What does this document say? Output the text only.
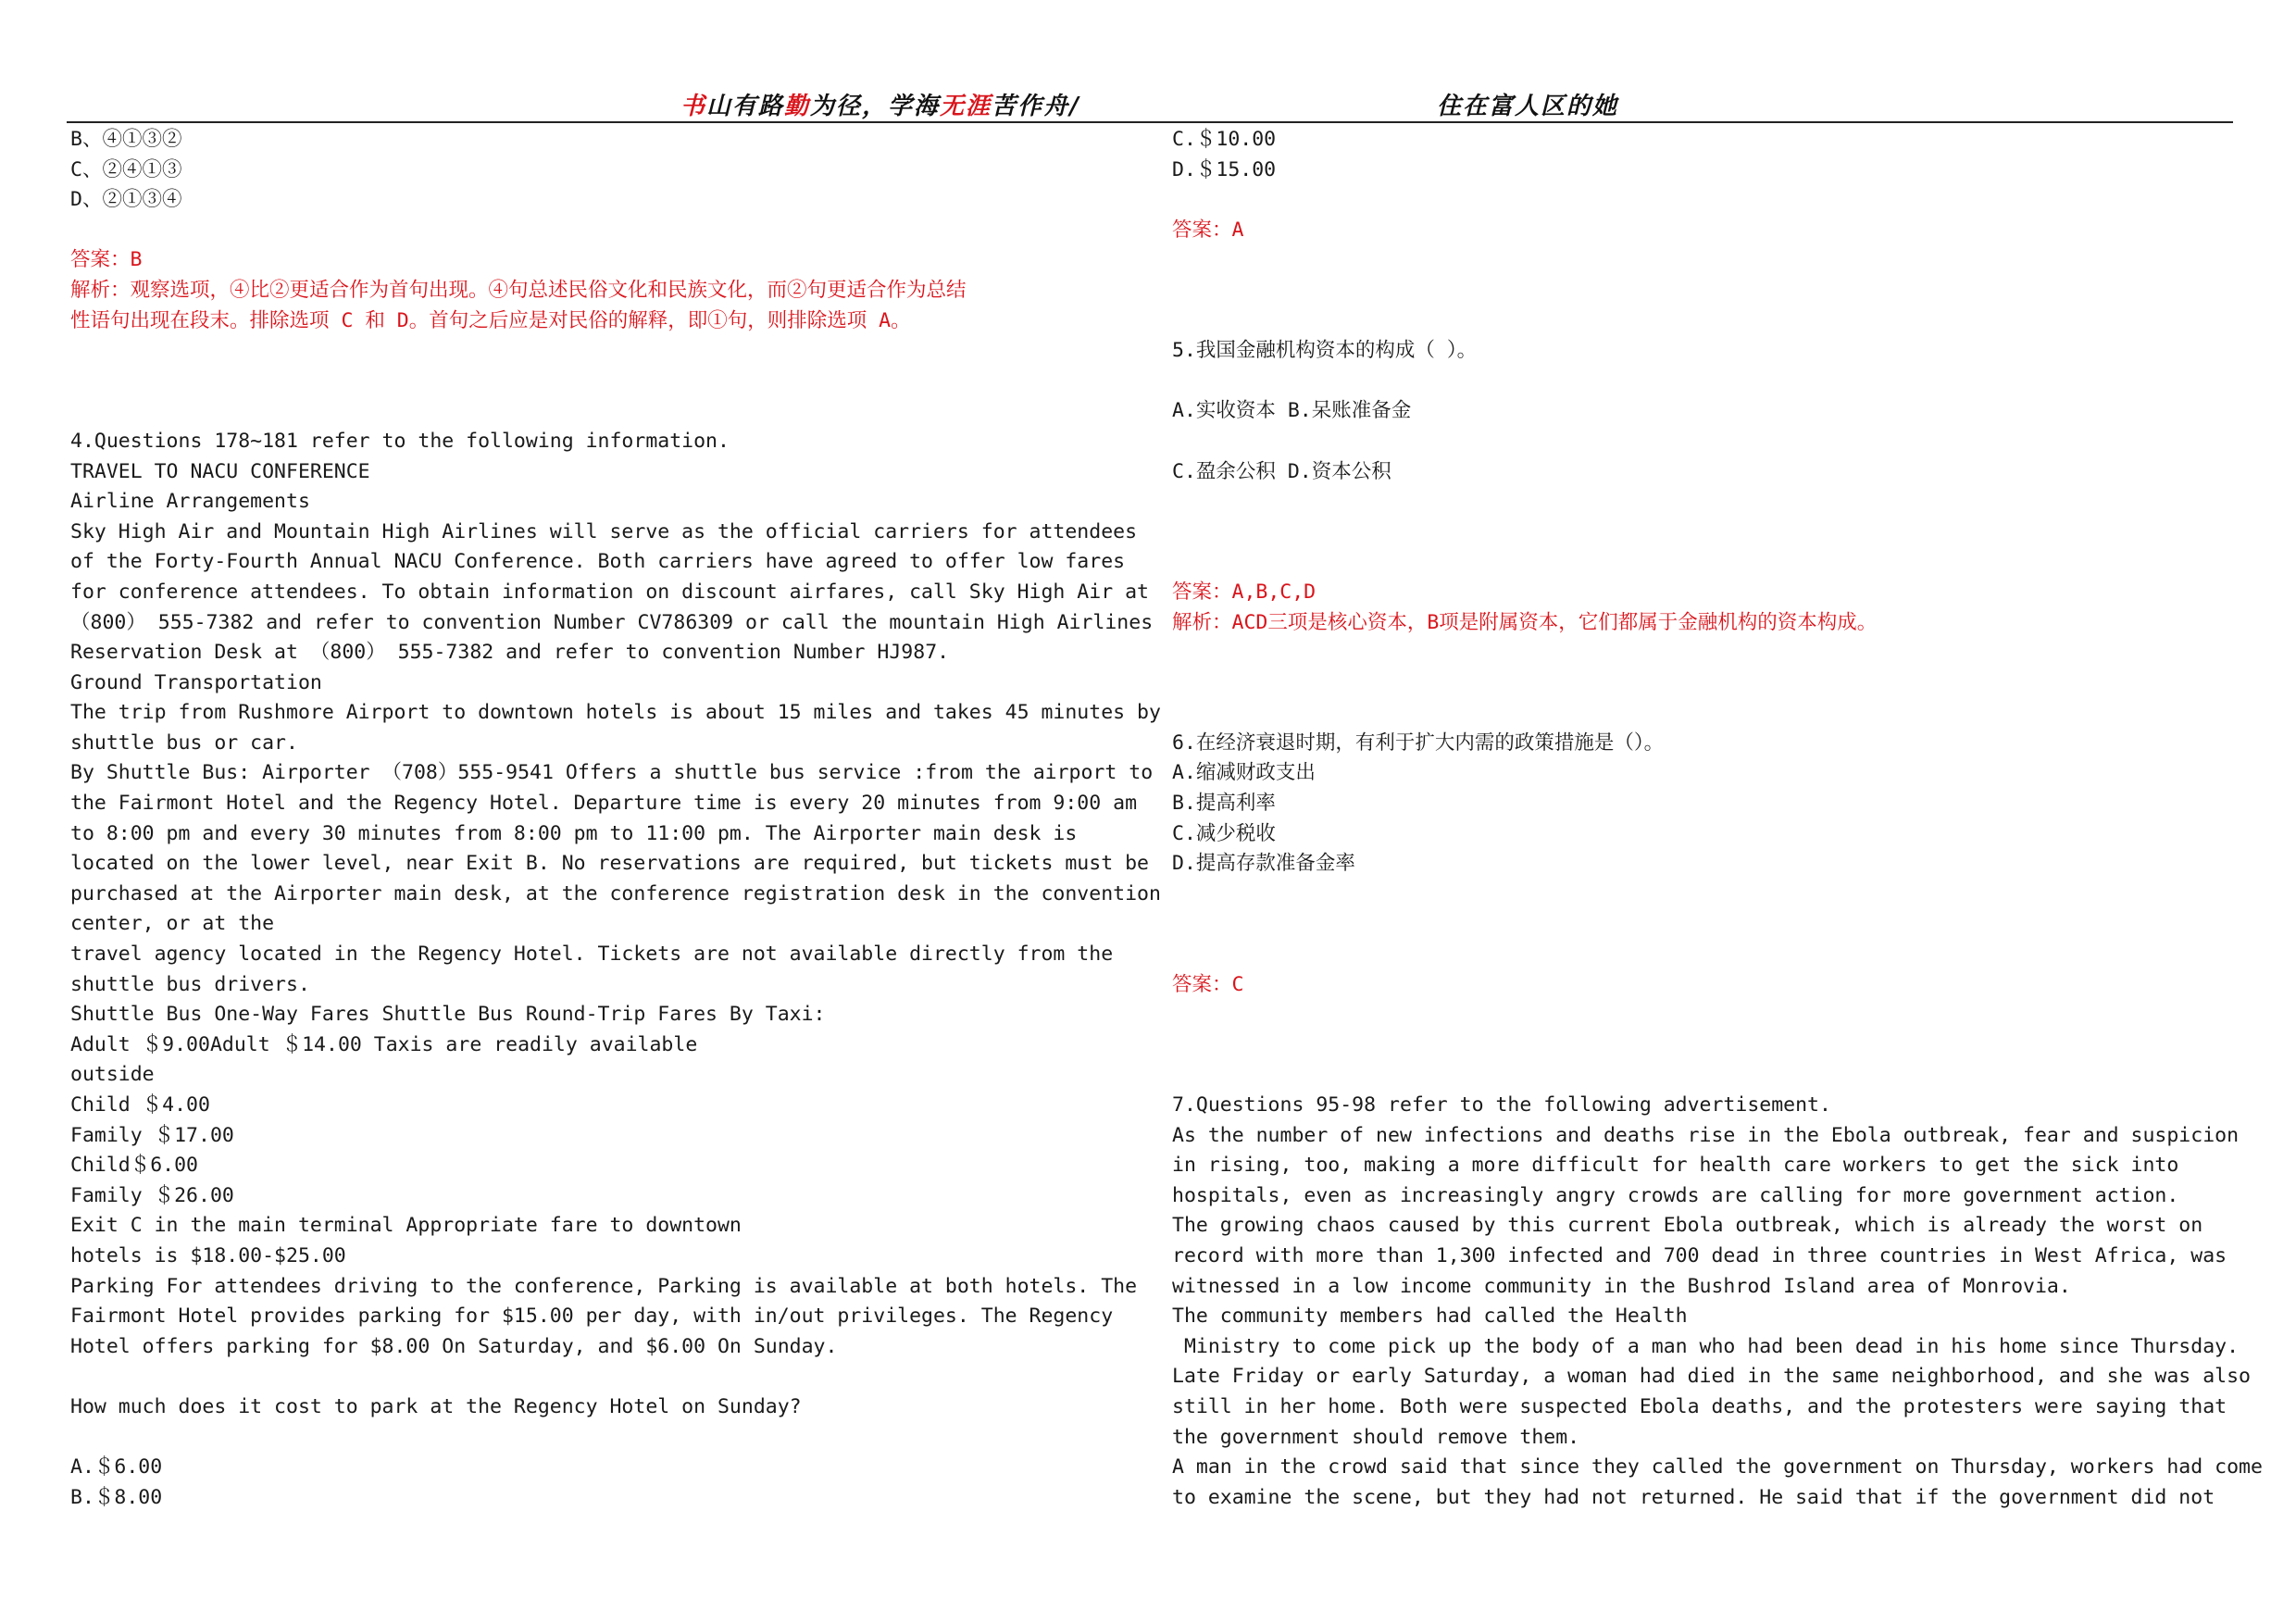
书山有路勤为径，学海无涯苦作舟/	住在富人区的她
B、④①③②
C、②④①③
D、②①③④
答案：B
解析：观察选项，④比②更适合作为首句出现。④句总述民俗文化和民族文化，而②句更适合作为总结
性语句出现在段末。排除选项 C 和 D。首句之后应是对民俗的解释，即①句，则排除选项 A。
4.Questions 178~181 refer to the following information.
TRAVEL TO NACU CONFERENCE
Airline Arrangements
Sky High Air and Mountain High Airlines will serve as the official carriers for attendees
of the Forty-Fourth Annual NACU Conference. Both carriers have agreed to offer low fares
for conference attendees. To obtain information on discount airfares, call Sky High Air at
（800） 555-7382 and refer to convention Number CV786309 or call the mountain High Airlines
Reservation Desk at （800） 555-7382 and refer to convention Number HJ987.
Ground Transportation
The trip from Rushmore Airport to downtown hotels is about 15 miles and takes 45 minutes by
shuttle bus or car.
By Shuttle Bus: Airporter （708）555-9541 Offers a shuttle bus service :from the airport to
the Fairmont Hotel and the Regency Hotel. Departure time is every 20 minutes from 9:00 am
to 8:00 pm and every 30 minutes from 8:00 pm to 11:00 pm. The Airporter main desk is
located on the lower level, near Exit B. No reservations are required, but tickets must be
purchased at the Airporter main desk, at the conference registration desk in the convention
center, or at the
travel agency located in the Regency Hotel. Tickets are not available directly from the
shuttle bus drivers.
Shuttle Bus One-Way Fares Shuttle Bus Round-Trip Fares By Taxi:
Adult ＄9.00Adult ＄14.00 Taxis are readily available
outside
Child ＄4.00
Family ＄17.00
Child＄6.00
Family ＄26.00
Exit C in the main terminal Appropriate fare to downtown
hotels is $18.00-$25.00
Parking For attendees driving to the conference, Parking is available at both hotels. The
Fairmont Hotel provides parking for $15.00 per day, with in/out privileges. The Regency
Hotel offers parking for $8.00 On Saturday, and $6.00 On Sunday.
How much does it cost to park at the Regency Hotel on Sunday?
A.＄6.00
B.＄8.00
C.＄10.00
D.＄15.00
答案：A
5.我国金融机构资本的构成（ ）。
A.实收资本 B.呆账准备金
C.盈余公积 D.资本公积
答案：A,B,C,D
解析：ACD三项是核心资本，B项是附属资本，它们都属于金融机构的资本构成。
6.在经济衰退时期，有利于扩大内需的政策措施是（）。
A.缩减财政支出
B.提高利率
C.减少税收
D.提高存款准备金率
答案：C
7.Questions 95-98 refer to the following advertisement.
As the number of new infections and deaths rise in the Ebola outbreak, fear and suspicion
in rising, too, making a more difficult for health care workers to get the sick into
hospitals, even as increasingly angry crowds are calling for more government action.
The growing chaos caused by this current Ebola outbreak, which is already the worst on
record with more than 1,300 infected and 700 dead in three countries in West Africa, was
witnessed in a low income community in the Bushrod Island area of Monrovia.
The community members had called the Health
Ministry to come pick up the body of a man who had been dead in his home since Thursday.
Late Friday or early Saturday, a woman had died in the same neighborhood, and she was also
still in her home. Both were suspected Ebola deaths, and the protesters were saying that
the government should remove them.
A man in the crowd said that since they called the government on Thursday, workers had come
to examine the scene, but they had not returned. He said that if the government did not
